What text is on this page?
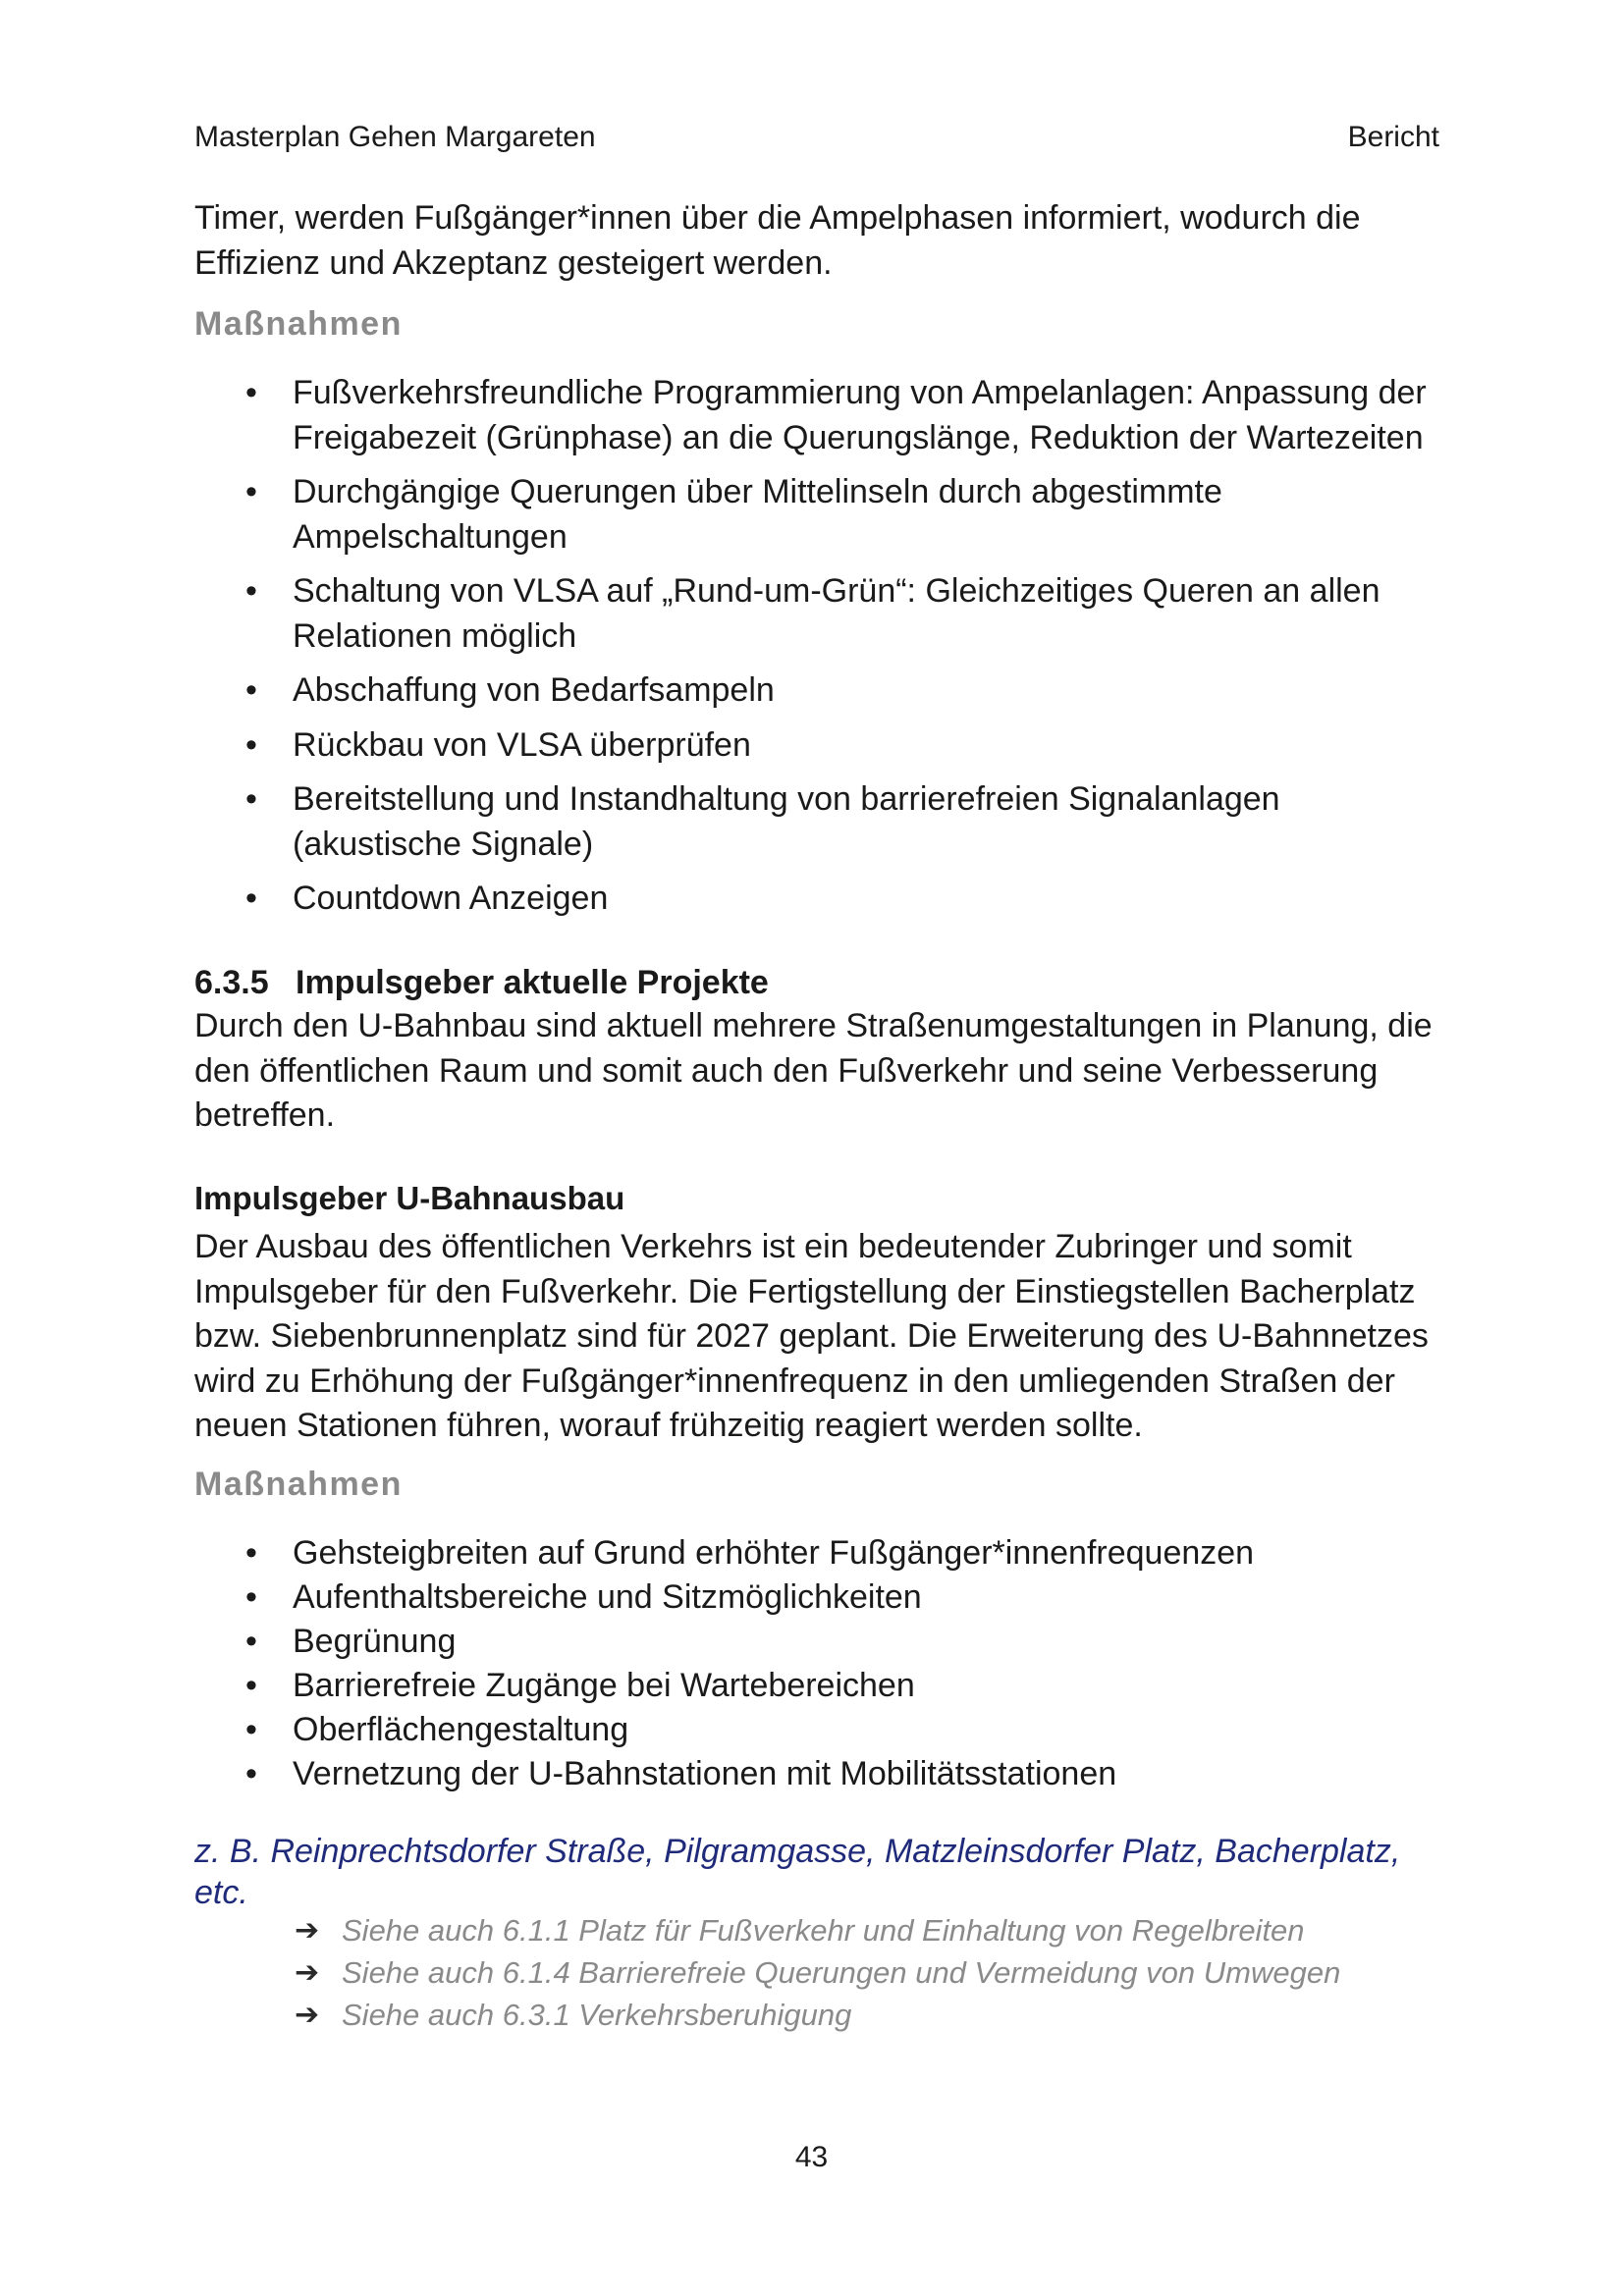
Masterplan Gehen Margareten	Bericht

Timer, werden Fußgänger*innen über die Ampelphasen informiert, wodurch die Effizienz und Akzeptanz gesteigert werden.

Maßnahmen

• Fußverkehrsfreundliche Programmierung von Ampelanlagen: Anpassung der Freigabezeit (Grünphase) an die Querungslänge, Reduktion der Wartezeiten
• Durchgängige Querungen über Mittelinseln durch abgestimmte Ampelschaltungen
• Schaltung von VLSA auf „Rund-um-Grün“: Gleichzeitiges Queren an allen Relationen möglich
• Abschaffung von Bedarfsampeln
• Rückbau von VLSA überprüfen
• Bereitstellung und Instandhaltung von barrierefreien Signalanlagen (akustische Signale)
• Countdown Anzeigen
6.3.5 Impulsgeber aktuelle Projekte

Durch den U-Bahnbau sind aktuell mehrere Straßenumgestaltungen in Planung, die den öffentlichen Raum und somit auch den Fußverkehr und seine Verbesserung betreffen.

Impulsgeber U-Bahnausbau

Der Ausbau des öffentlichen Verkehrs ist ein bedeutender Zubringer und somit Impulsgeber für den Fußverkehr. Die Fertigstellung der Einstiegstellen Bacherplatz bzw. Siebenbrunnenplatz sind für 2027 geplant. Die Erweiterung des U-Bahnnetzes wird zu Erhöhung der Fußgänger*innenfrequenz in den umliegenden Straßen der neuen Stationen führen, worauf frühzeitig reagiert werden sollte.

Maßnahmen

• Gehsteigbreiten auf Grund erhöhter Fußgänger*innenfrequenzen
• Aufenthaltsbereiche und Sitzmöglichkeiten
• Begrünung
• Barrierefreie Zugänge bei Wartebereichen
• Oberflächengestaltung
• Vernetzung der U-Bahnstationen mit Mobilitätsstationen

z. B. Reinprechtsdorfer Straße, Pilgramgasse, Matzleinsdorfer Platz, Bacherplatz, etc.

➔ Siehe auch 6.1.1 Platz für Fußverkehr und Einhaltung von Regelbreiten
➔ Siehe auch 6.1.4 Barrierefreie Querungen und Vermeidung von Umwegen
➔ Siehe auch 6.3.1 Verkehrsberuhigung
43
